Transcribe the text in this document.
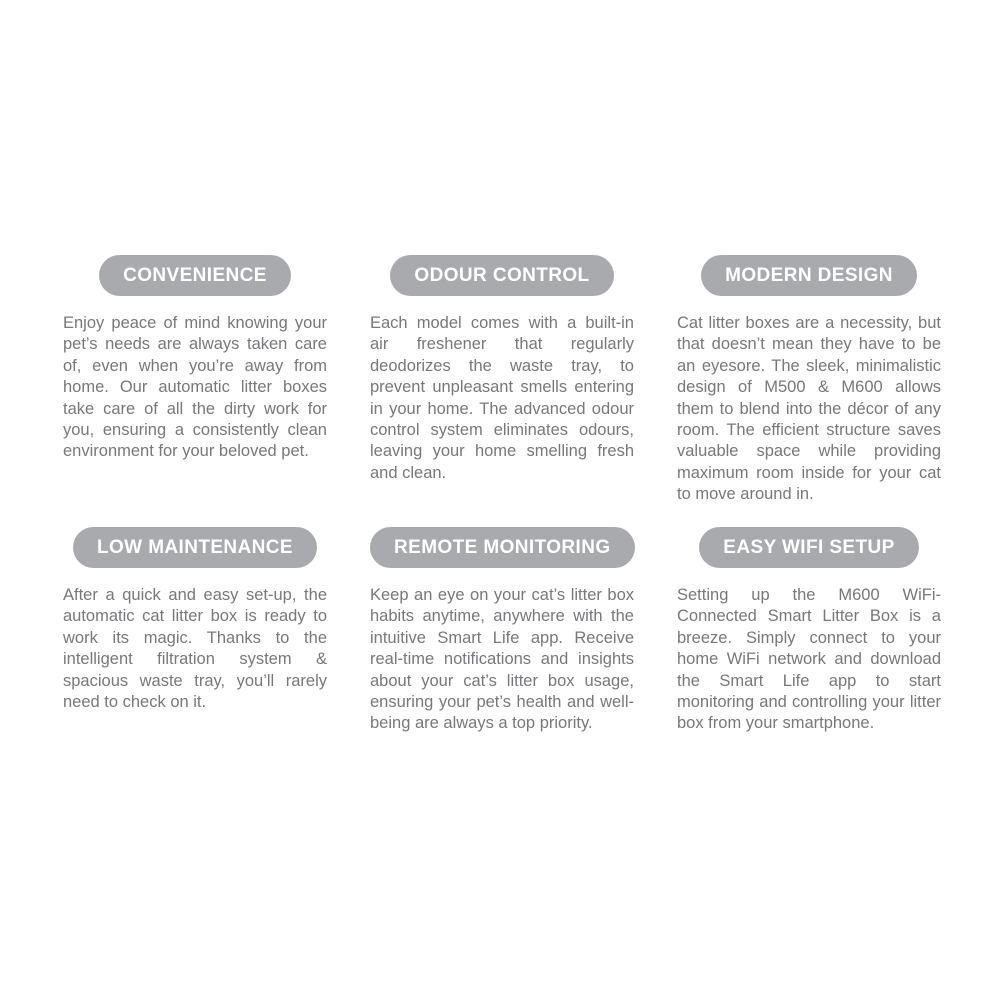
CONVENIENCE

Enjoy peace of mind knowing your pet’s needs are always taken care of, even when you’re away from home. Our automatic litter boxes take care of all the dirty work for you, ensuring a consistently clean environment for your beloved pet.

ODOUR CONTROL

Each model comes with a built-in air freshener that regularly deodorizes the waste tray, to prevent unpleasant smells entering in your home. The advanced odour control system eliminates odours, leaving your home smelling fresh and clean.

MODERN DESIGN

Cat litter boxes are a necessity, but that doesn’t mean they have to be an eyesore. The sleek, minimalistic design of M500 & M600 allows them to blend into the décor of any room. The efficient structure saves valuable space while providing maximum room inside for your cat to move around in.

LOW MAINTENANCE

After a quick and easy set-up, the automatic cat litter box is ready to work its magic. Thanks to the intelligent filtration system & spacious waste tray, you’ll rarely need to check on it.

REMOTE MONITORING

Keep an eye on your cat’s litter box habits anytime, anywhere with the intuitive Smart Life app. Receive real-time notifications and insights about your cat’s litter box usage, ensuring your pet’s health and well-being are always a top priority.

EASY WIFI SETUP

Setting up the M600 WiFi-Connected Smart Litter Box is a breeze. Simply connect to your home WiFi network and download the Smart Life app to start monitoring and controlling your litter box from your smartphone.
